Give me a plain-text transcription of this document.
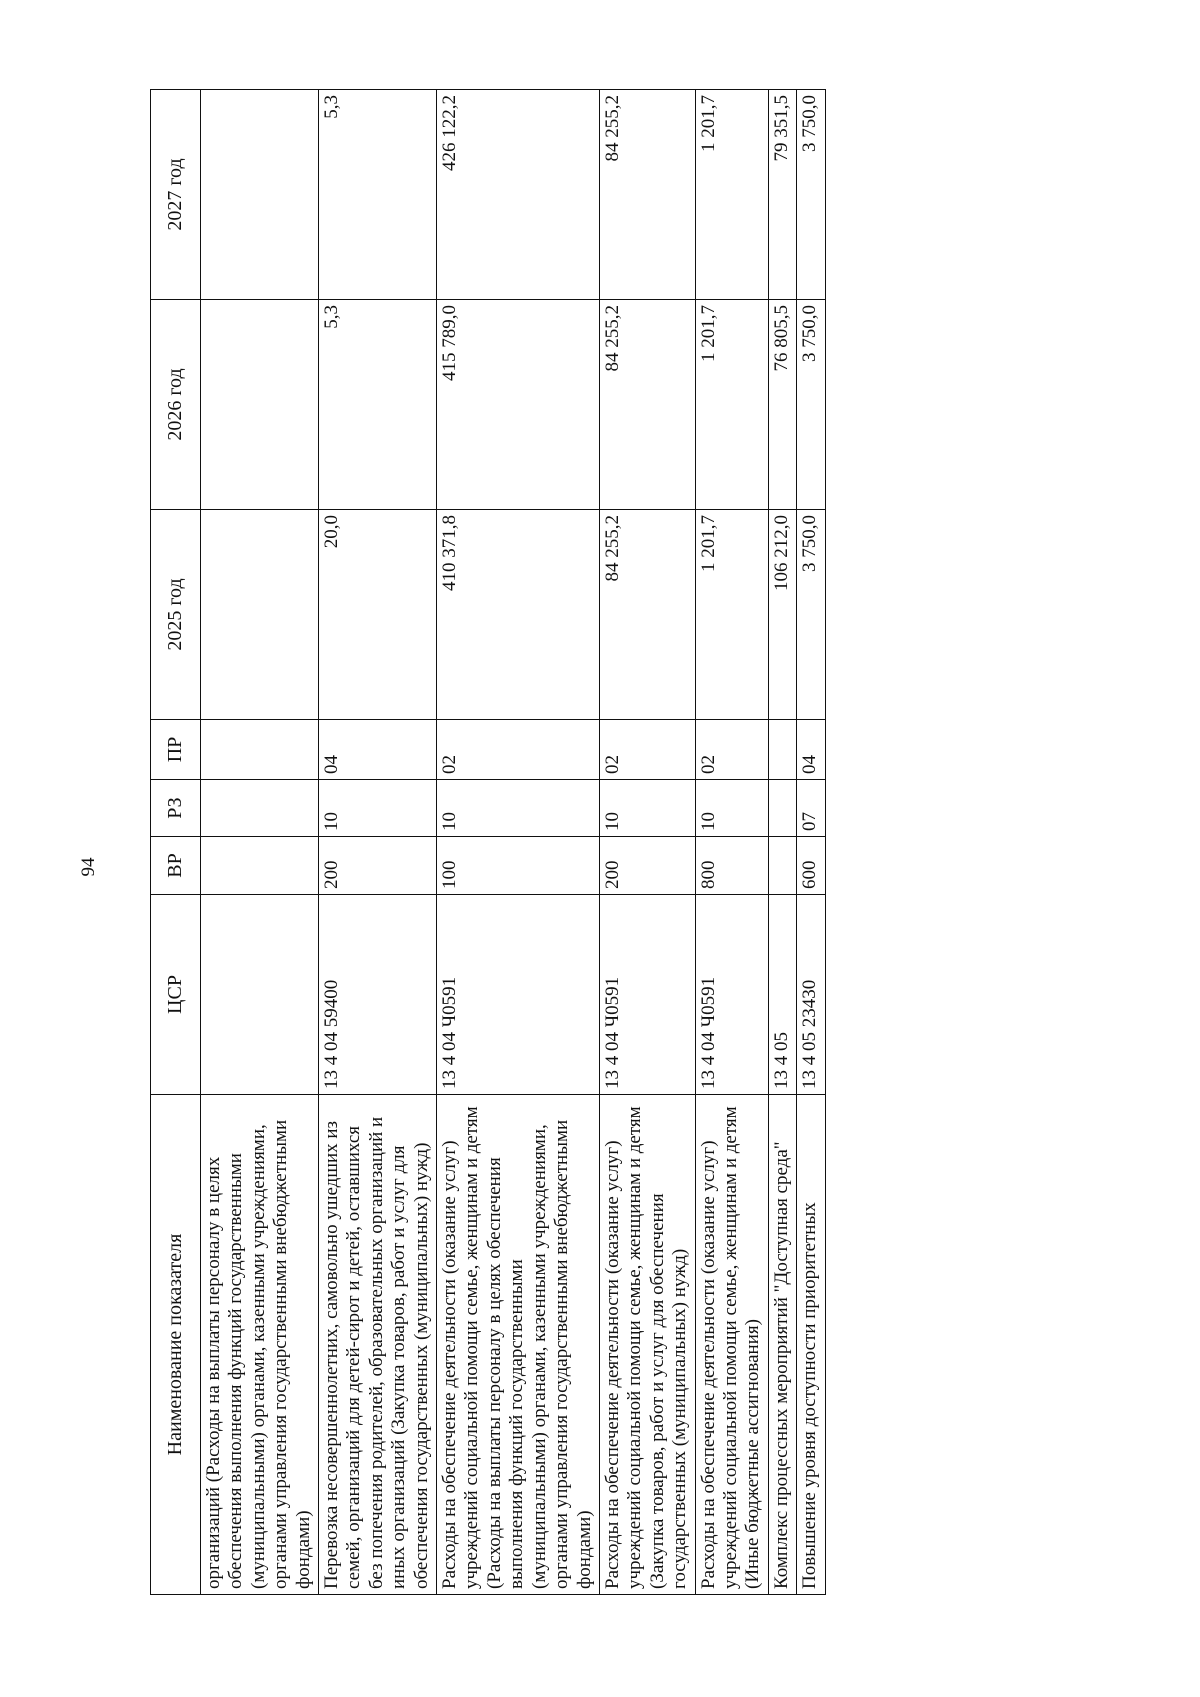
94
Наименование показателя	ЦСР	ВР	РЗ	ПР	2025 год	2026 год	2027 год
организаций (Расходы на выплаты персоналу в целях обеспечения выполнения функций государственными (муниципальными) органами, казенными учреждениями, органами управления государственными внебюджетными фондами)							
Перевозка несовершеннолетних, самовольно ушедших из семей, организаций для детей-сирот и детей, оставшихся без попечения родителей, образовательных организаций и иных организаций (Закупка товаров, работ и услуг для обеспечения государственных (муниципальных) нужд)	13 4 04 59400	200	10	04	20,0	5,3	5,3
Расходы на обеспечение деятельности (оказание услуг) учреждений социальной помощи семье, женщинам и детям (Расходы на выплаты персоналу в целях обеспечения выполнения функций государственными (муниципальными) органами, казенными учреждениями, органами управления государственными внебюджетными фондами)	13 4 04 Ч0591	100	10	02	410 371,8	415 789,0	426 122,2
Расходы на обеспечение деятельности (оказание услуг) учреждений социальной помощи семье, женщинам и детям (Закупка товаров, работ и услуг для обеспечения государственных (муниципальных) нужд)	13 4 04 Ч0591	200	10	02	84 255,2	84 255,2	84 255,2
Расходы на обеспечение деятельности (оказание услуг) учреждений социальной помощи семье, женщинам и детям (Иные бюджетные ассигнования)	13 4 04 Ч0591	800	10	02	1 201,7	1 201,7	1 201,7
Комплекс процессных мероприятий "Доступная среда"	13 4 05				106 212,0	76 805,5	79 351,5
Повышение уровня доступности приоритетных	13 4 05 23430	600	07	04	3 750,0	3 750,0	3 750,0
